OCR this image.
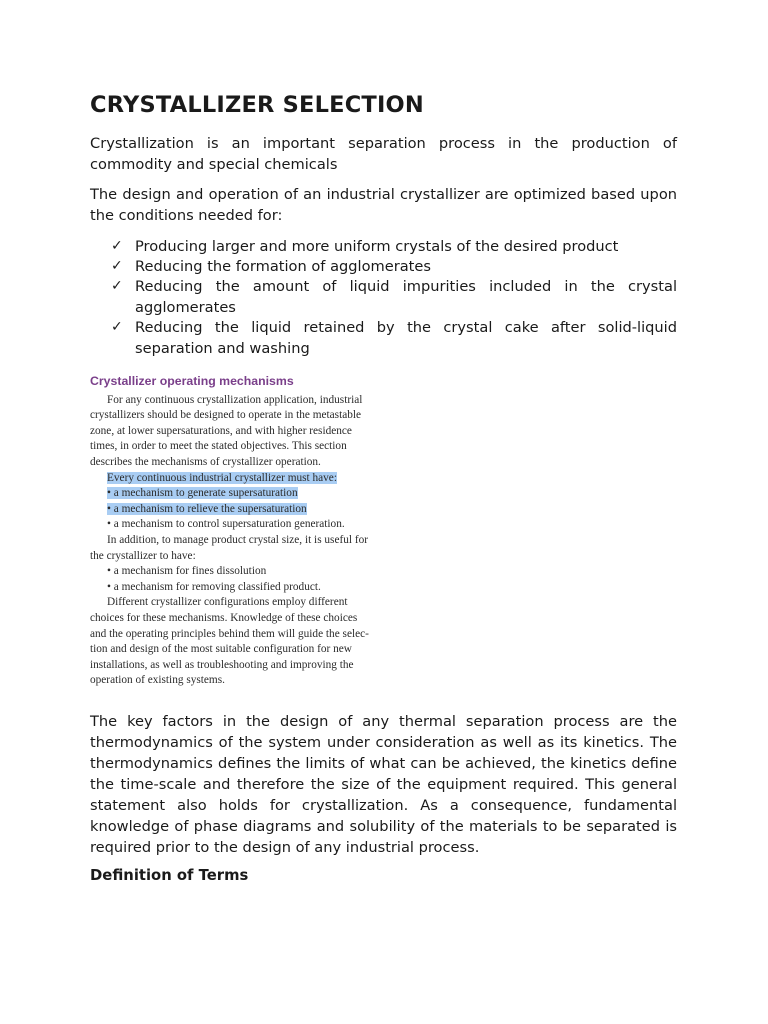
CRYSTALLIZER SELECTION

Crystallization is an important separation process in the production of commodity and special chemicals

The design and operation of an industrial crystallizer are optimized based upon the conditions needed for:

✓ Producing larger and more uniform crystals of the desired product
✓ Reducing the formation of agglomerates
✓ Reducing the amount of liquid impurities included in the crystal agglomerates
✓ Reducing the liquid retained by the crystal cake after solid-liquid separation and washing
Crystallizer operating mechanisms
For any continuous crystallization application, industrial
crystallizers should be designed to operate in the metastable
zone, at lower supersaturations, and with higher residence
times, in order to meet the stated objectives. This section
describes the mechanisms of crystallizer operation.
Every continuous industrial crystallizer must have:
• a mechanism to generate supersaturation
• a mechanism to relieve the supersaturation
• a mechanism to control supersaturation generation.
In addition, to manage product crystal size, it is useful for
the crystallizer to have:
• a mechanism for fines dissolution
• a mechanism for removing classified product.
Different crystallizer configurations employ different
choices for these mechanisms. Knowledge of these choices
and the operating principles behind them will guide the selec-
tion and design of the most suitable configuration for new
installations, as well as troubleshooting and improving the
operation of existing systems.

The key factors in the design of any thermal separation process are the thermodynamics of the system under consideration as well as its kinetics. The thermodynamics defines the limits of what can be achieved, the kinetics define the time-scale and therefore the size of the equipment required. This general statement also holds for crystallization. As a consequence, fundamental knowledge of phase diagrams and solubility of the materials to be separated is required prior to the design of any industrial process.

Definition of Terms
